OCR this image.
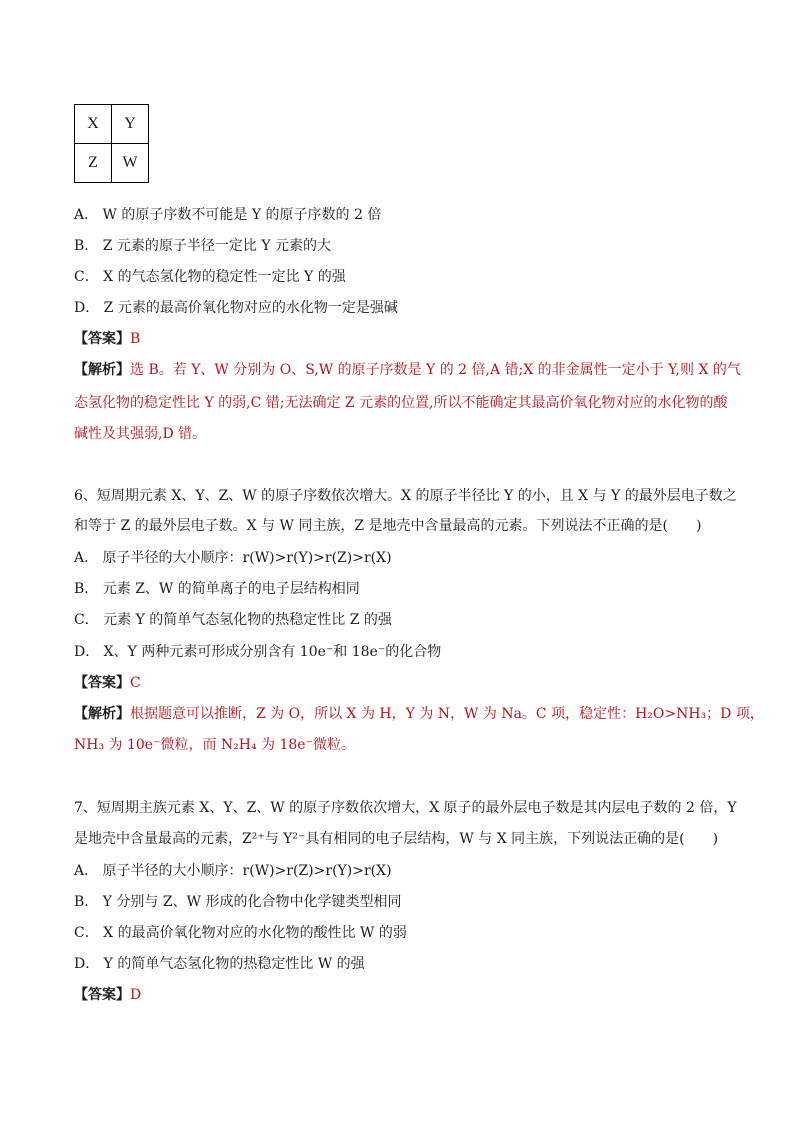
X	Y
Z	W
A． W 的原子序数不可能是 Y 的原子序数的 2 倍
B． Z 元素的原子半径一定比 Y 元素的大
C． X 的气态氢化物的稳定性一定比 Y 的强
D． Z 元素的最高价氧化物对应的水化物一定是强碱
【答案】B
【解析】选 B。若 Y、W 分别为 O、S,W 的原子序数是 Y 的 2 倍,A 错;X 的非金属性一定小于 Y,则 X 的气
态氢化物的稳定性比 Y 的弱,C 错;无法确定 Z 元素的位置,所以不能确定其最高价氧化物对应的水化物的酸
碱性及其强弱,D 错。
6、短周期元素 X、Y、Z、W 的原子序数依次增大。X 的原子半径比 Y 的小，且 X 与 Y 的最外层电子数之
和等于 Z 的最外层电子数。X 与 W 同主族，Z 是地壳中含量最高的元素。下列说法不正确的是(　　)
A． 原子半径的大小顺序：r(W)>r(Y)>r(Z)>r(X)
B． 元素 Z、W 的简单离子的电子层结构相同
C． 元素 Y 的简单气态氢化物的热稳定性比 Z 的强
D． X、Y 两种元素可形成分别含有 10e⁻和 18e⁻的化合物
【答案】C
【解析】根据题意可以推断，Z 为 O，所以 X 为 H，Y 为 N，W 为 Na。C 项，稳定性：H₂O>NH₃；D 项，
NH₃ 为 10e⁻微粒，而 N₂H₄ 为 18e⁻微粒。
7、短周期主族元素 X、Y、Z、W 的原子序数依次增大，X 原子的最外层电子数是其内层电子数的 2 倍，Y
是地壳中含量最高的元素，Z²⁺与 Y²⁻具有相同的电子层结构，W 与 X 同主族，下列说法正确的是(　　)
A． 原子半径的大小顺序：r(W)>r(Z)>r(Y)>r(X)
B． Y 分别与 Z、W 形成的化合物中化学键类型相同
C． X 的最高价氧化物对应的水化物的酸性比 W 的弱
D． Y 的简单气态氢化物的热稳定性比 W 的强
【答案】D
